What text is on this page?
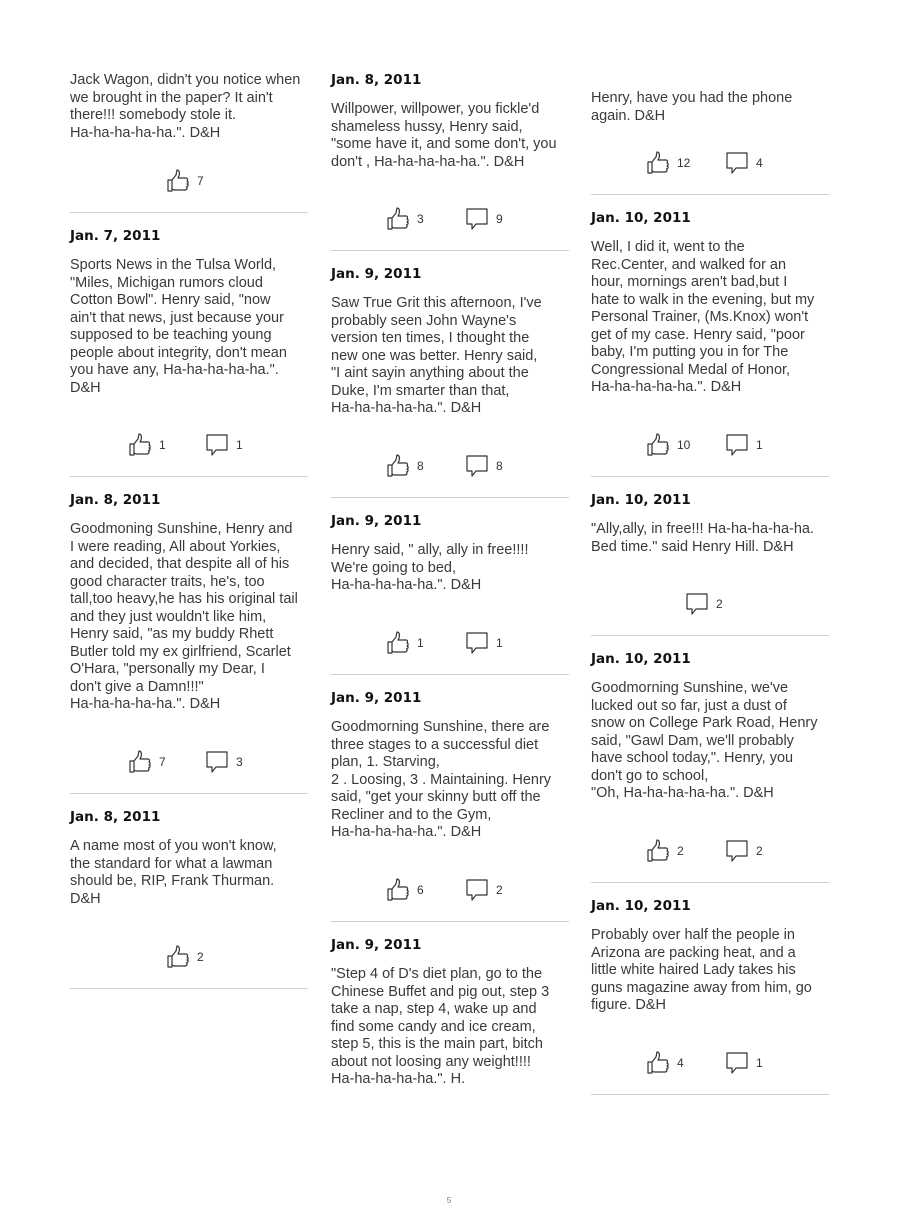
Jack Wagon, didn't you notice when
we brought in the paper? It ain't
there!!! somebody stole it.
Ha-ha-ha-ha-ha.". D&H
7
Jan. 7, 2011
Sports News in the Tulsa World,
"Miles, Michigan rumors cloud
Cotton Bowl". Henry said, "now
ain't that news, just because your
supposed to be teaching young
people about integrity, don't mean
you have any, Ha-ha-ha-ha-ha.".
D&H
1	1
Jan. 8, 2011
Goodmoning Sunshine, Henry and
I were reading, All about Yorkies,
and decided, that despite all of his
good character traits, he's, too
tall,too heavy,he has his original tail
and they just wouldn't like him,
Henry said, "as my buddy Rhett
Butler told my ex girlfriend, Scarlet
O'Hara, "personally my Dear, I
don't give a Damn!!!"
Ha-ha-ha-ha-ha.". D&H
7	3
Jan. 8, 2011
A name most of you won't know,
the standard for what a lawman
should be, RIP, Frank Thurman.
D&H
2
Jan. 8, 2011
Willpower, willpower, you fickle'd
shameless hussy, Henry said,
"some have it, and some don't, you
don't , Ha-ha-ha-ha-ha.". D&H
3	9
Jan. 9, 2011
Saw True Grit this afternoon, I've
probably seen John Wayne's
version ten times, I thought the
new one was better. Henry said,
"I aint sayin anything about the
Duke, I'm smarter than that,
Ha-ha-ha-ha-ha.". D&H
8	8
Jan. 9, 2011
Henry said, " ally, ally in free!!!!
We're going to bed,
Ha-ha-ha-ha-ha.". D&H
1	1
Jan. 9, 2011
Goodmorning Sunshine, there are
three stages to a successful diet
plan, 1. Starving,
2 . Loosing, 3 . Maintaining. Henry
said, "get your skinny butt off the
Recliner and to the Gym,
Ha-ha-ha-ha-ha.". D&H
6	2
Jan. 9, 2011
"Step 4 of D's diet plan, go to the
Chinese Buffet and pig out, step 3
take a nap, step 4, wake up and
find some candy and ice cream,
step 5, this is the main part, bitch
about not loosing any weight!!!!
Ha-ha-ha-ha-ha.". H.
Henry, have you had the phone
again. D&H
12	4
Jan. 10, 2011
Well, I did it, went to the
Rec.Center, and walked for an
hour, mornings aren't bad,but I
hate to walk in the evening, but my
Personal Trainer, (Ms.Knox) won't
get of my case. Henry said, "poor
baby, I'm putting you in for The
Congressional Medal of Honor,
Ha-ha-ha-ha-ha.". D&H
10	1
Jan. 10, 2011
"Ally,ally, in free!!! Ha-ha-ha-ha-ha.
Bed time." said Henry Hill. D&H
2
Jan. 10, 2011
Goodmorning Sunshine, we've
lucked out so far, just a dust of
snow on College Park Road, Henry
said, "Gawl Dam, we'll probably
have school today,". Henry, you
don't go to school,
"Oh, Ha-ha-ha-ha-ha.". D&H
2	2
Jan. 10, 2011
Probably over half the people in
Arizona are packing heat, and a
little white haired Lady takes his
guns magazine away from him, go
figure. D&H
4	1
5
